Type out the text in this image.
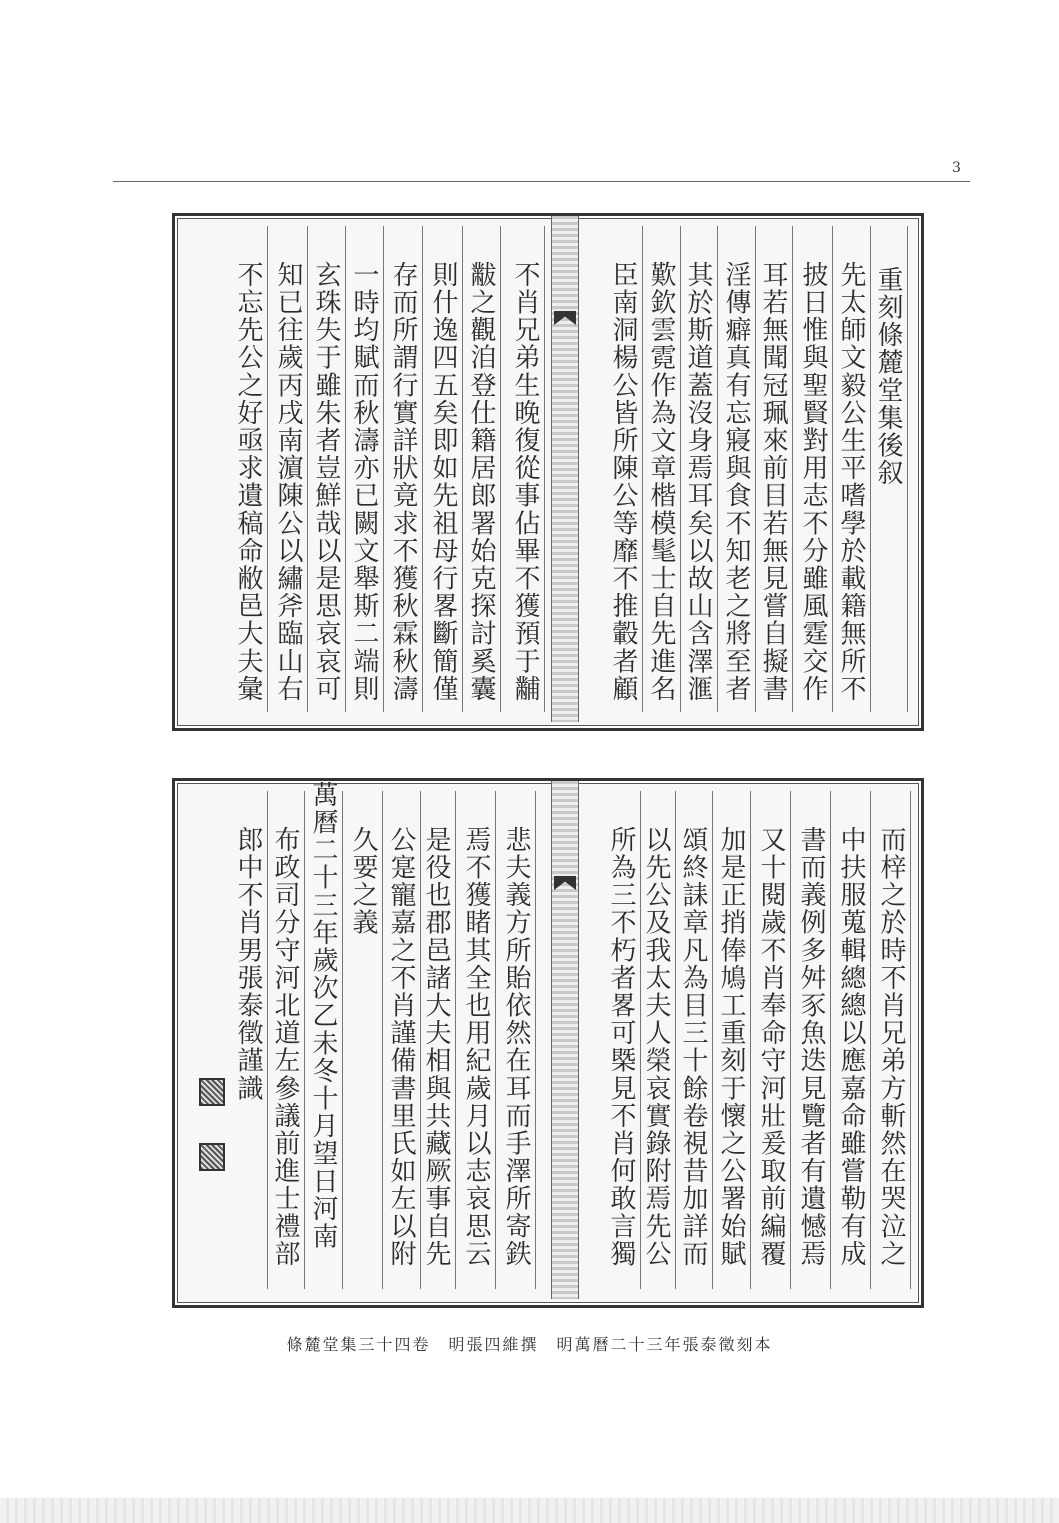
3
重刻條麓堂集後叙
先太師文毅公生平嗜學於載籍無所不
披日惟與聖賢對用志不分雖風霆交作
耳若無聞冠珮來前目若無見嘗自擬書
淫傳癖真有忘寢與食不知老之將至者
其於斯道蓋沒身焉耳矣以故山含澤滙
歎欽雲霓作為文章楷模髦士自先進名
臣南洞楊公皆所陳公等靡不推轂者顧
不肖兄弟生晚復從事佔畢不獲預于黼
黻之觀洎登仕籍居郎署始克探討奚囊
則什逸四五矣即如先祖母行畧斷簡僅
存而所謂行實詳狀竟求不獲秋霖秋濤
一時均賦而秋濤亦已闕文舉斯二端則
玄珠失于雖朱者豈鮮哉以是思哀哀可
知已往歲丙戌南濵陳公以繡斧臨山右
不忘先公之好亟求遺稿命敝邑大夫彙
而梓之於時不肖兄弟方斬然在哭泣之
中扶服蒐輯總總以應嘉命雖嘗勒有成
書而義例多舛豕魚迭見覽者有遺憾焉
又十閱歲不肖奉命守河壯爰取前編覆
加是正捎俸鳩工重刻于懷之公署始賦
頌終誄章凡為目三十餘卷視昔加詳而
以先公及我太夫人榮哀實錄附焉先公
所為三不朽者畧可槩見不肖何敢言獨
悲夫義方所貽依然在耳而手澤所寄鉄
焉不獲睹其全也用紀歲月以志哀思云
是役也郡邑諸大夫相與共藏厥事自先
公寔寵嘉之不肖謹備書里氏如左以附
久要之義
萬曆二十三年歲次乙未冬十月望日河南
布政司分守河北道左參議前進士禮部
郎中不肖男張泰徵謹識
條麓堂集三十四卷　明張四維撰　明萬曆二十三年張泰徵刻本
